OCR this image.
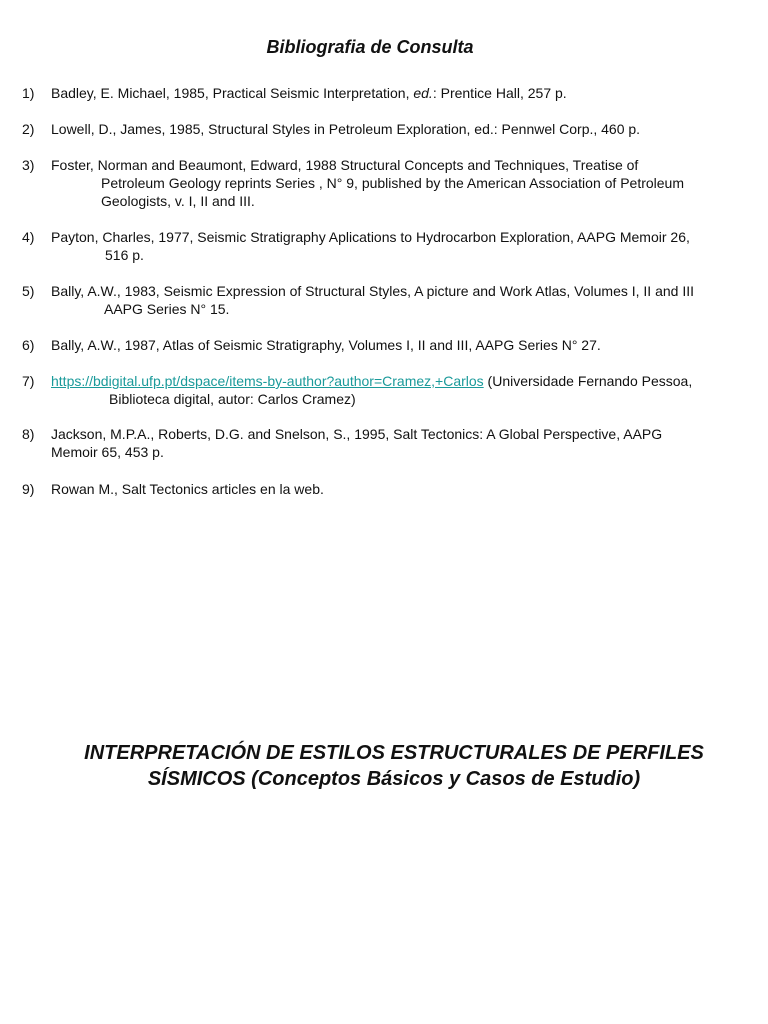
Bibliografia de Consulta
1) Badley, E. Michael, 1985, Practical Seismic Interpretation, ed.: Prentice Hall, 257 p.
2) Lowell, D., James, 1985, Structural Styles in Petroleum Exploration, ed.: Pennwel Corp., 460 p.
3) Foster, Norman and Beaumont, Edward, 1988 Structural Concepts and Techniques, Treatise of
Petroleum Geology reprints Series , N° 9, published by the American Association of Petroleum
Geologists, v. I, II and III.
4) Payton, Charles, 1977, Seismic Stratigraphy Aplications to Hydrocarbon Exploration, AAPG Memoir 26,
516 p.
5) Bally, A.W., 1983, Seismic Expression of Structural Styles, A picture and Work Atlas, Volumes I, II and III
AAPG Series N° 15.
6) Bally, A.W., 1987, Atlas of Seismic Stratigraphy, Volumes I, II and III, AAPG Series N° 27.
7) https://bdigital.ufp.pt/dspace/items-by-author?author=Cramez,+Carlos (Universidade Fernando Pessoa,
Biblioteca digital, autor: Carlos Cramez)
8) Jackson, M.P.A., Roberts, D.G. and Snelson, S., 1995, Salt Tectonics: A Global Perspective, AAPG
Memoir 65, 453 p.
9) Rowan M., Salt Tectonics articles en la web.
INTERPRETACIÓN DE ESTILOS ESTRUCTURALES DE PERFILES
SÍSMICOS (Conceptos Básicos y Casos de Estudio)
